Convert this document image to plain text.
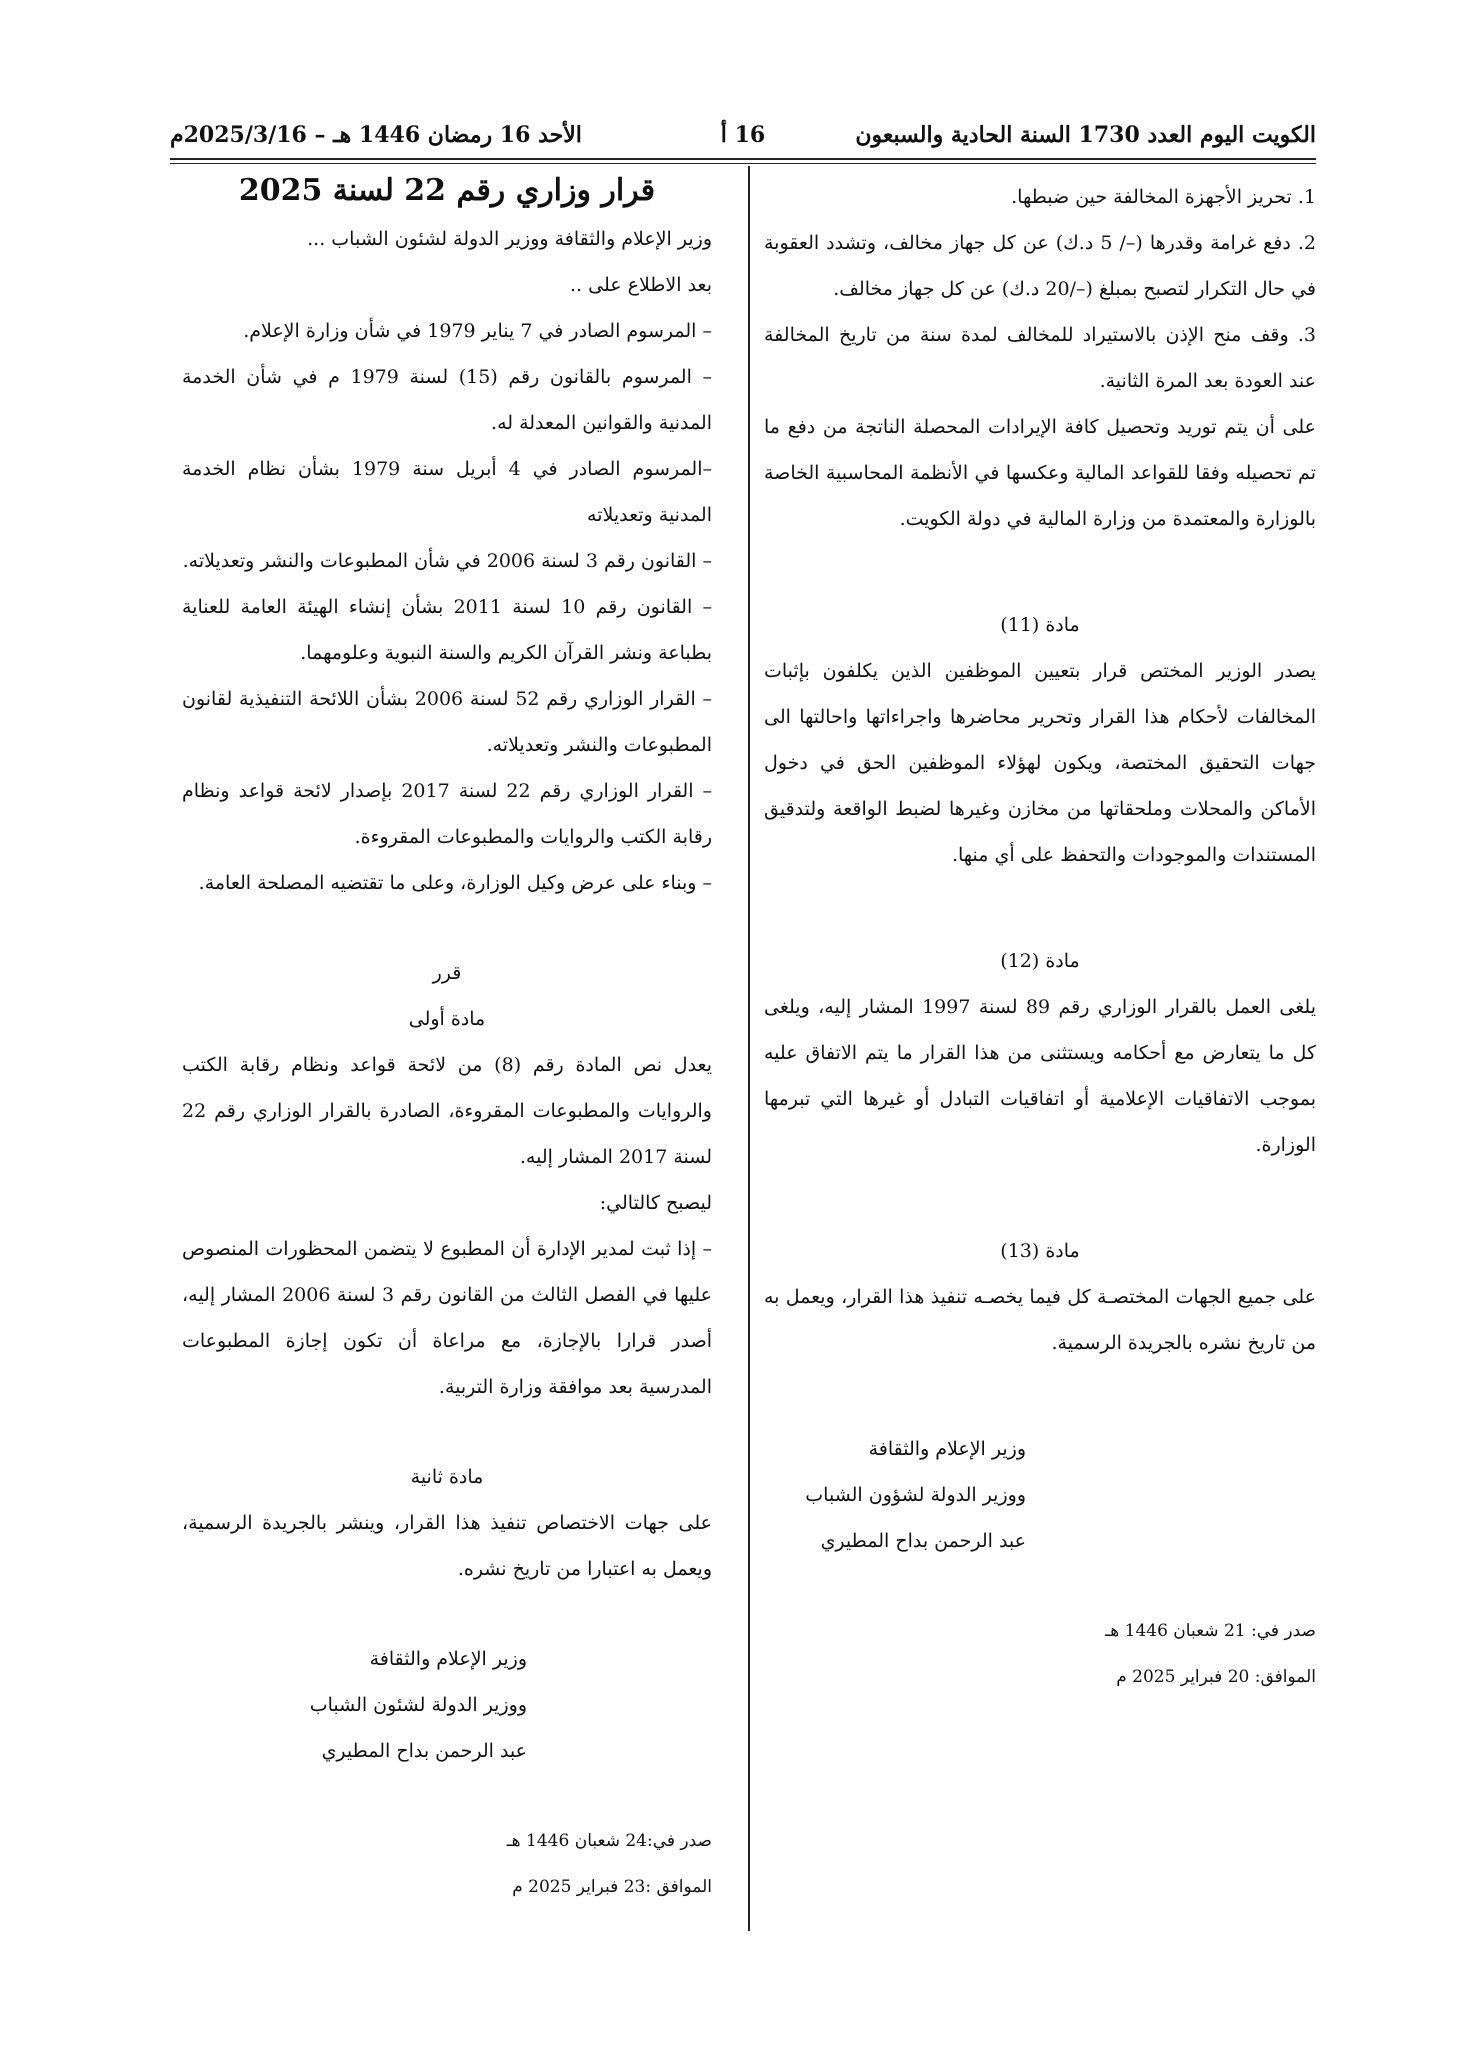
الكويت اليوم العدد 1730 السنة الحادية والسبعون
16 أ
الأحد 16 رمضان 1446 هـ – 2025/3/16م
1. تحريز الأجهزة المخالفة حين ضبطها.
2. دفع غرامة وقدرها (–/ 5 د.ك) عن كل جهاز مخالف، وتشدد العقوبة في حال التكرار لتصبح بمبلغ (–/20 د.ك) عن كل جهاز مخالف.
3. وقف منح الإذن بالاستيراد للمخالف لمدة سنة من تاريخ المخالفة عند العودة بعد المرة الثانية.
على أن يتم توريد وتحصيل كافة الإيرادات المحصلة الناتجة من دفع ما تم تحصيله وفقا للقواعد المالية وعكسها في الأنظمة المحاسبية الخاصة بالوزارة والمعتمدة من وزارة المالية في دولة الكويت.
مادة (11)
يصدر الوزير المختص قرار بتعيين الموظفين الذين يكلفون بإثبات المخالفات لأحكام هذا القرار وتحرير محاضرها واجراءاتها واحالتها الى جهات التحقيق المختصة، ويكون لهؤلاء الموظفين الحق في دخول الأماكن والمحلات وملحقاتها من مخازن وغيرها لضبط الواقعة ولتدقيق المستندات والموجودات والتحفظ على أي منها.
مادة (12)
يلغى العمل بالقرار الوزاري رقم 89 لسنة 1997 المشار إليه، ويلغى كل ما يتعارض مع أحكامه ويستثنى من هذا القرار ما يتم الاتفاق عليه بموجب الاتفاقيات الإعلامية أو اتفاقيات التبادل أو غيرها التي تبرمها الوزارة.
مادة (13)
على جميع الجهات المختصـة كل فيما يخصـه تنفيذ هذا القرار، ويعمل به من تاريخ نشره بالجريدة الرسمية.
وزير الإعلام والثقافة
ووزير الدولة لشؤون الشباب
عبد الرحمن بداح المطيري
صدر في: 21 شعبان 1446 هـ
الموافق: 20 فبراير 2025 م
قرار وزاري رقم 22 لسنة 2025
وزير الإعلام والثقافة ووزير الدولة لشئون الشباب ...
بعد الاطلاع على ..
– المرسوم الصادر في 7 يناير 1979 في شأن وزارة الإعلام.
– المرسوم بالقانون رقم (15) لسنة 1979 م في شأن الخدمة المدنية والقوانين المعدلة له.
–المرسوم الصادر في 4 أبريل سنة 1979 بشأن نظام الخدمة المدنية وتعديلاته
– القانون رقم 3 لسنة 2006 في شأن المطبوعات والنشر وتعديلاته.
– القانون رقم 10 لسنة 2011 بشأن إنشاء الهيئة العامة للعناية بطباعة ونشر القرآن الكريم والسنة النبوية وعلومهما.
– القرار الوزاري رقم 52 لسنة 2006 بشأن اللائحة التنفيذية لقانون المطبوعات والنشر وتعديلاته.
– القرار الوزاري رقم 22 لسنة 2017 بإصدار لائحة قواعد ونظام رقابة الكتب والروايات والمطبوعات المقروءة.
– وبناء على عرض وكيل الوزارة، وعلى ما تقتضيه المصلحة العامة.
قرر
مادة أولى
يعدل نص المادة رقم (8) من لائحة قواعد ونظام رقابة الكتب والروايات والمطبوعات المقروءة، الصادرة بالقرار الوزاري رقم 22 لسنة 2017 المشار إليه.
ليصبح كالتالي:
– إذا ثبت لمدير الإدارة أن المطبوع لا يتضمن المحظورات المنصوص عليها في الفصل الثالث من القانون رقم 3 لسنة 2006 المشار إليه، أصدر قرارا بالإجازة، مع مراعاة أن تكون إجازة المطبوعات المدرسية بعد موافقة وزارة التربية.
مادة ثانية
على جهات الاختصاص تنفيذ هذا القرار، وينشر بالجريدة الرسمية، ويعمل به اعتبارا من تاريخ نشره.
وزير الإعلام والثقافة
ووزير الدولة لشئون الشباب
عبد الرحمن بداح المطيري
صدر في:24 شعبان 1446 هـ
الموافق :23 فبراير 2025 م
